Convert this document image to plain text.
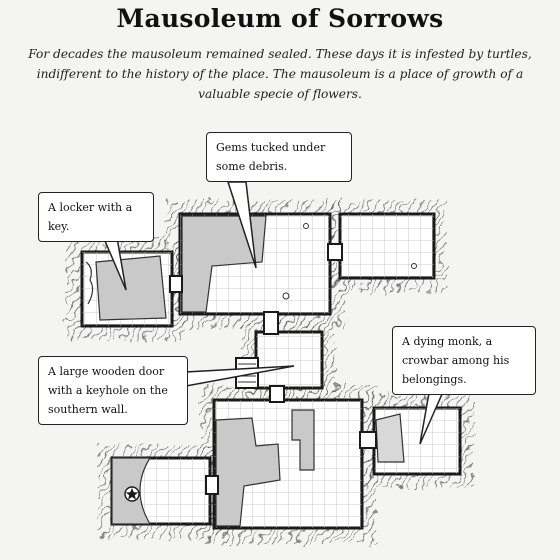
Mausoleum of Sorrows
For decades the mausoleum remained sealed. These days it is infested by turtles, indifferent to the history of the place. The mausoleum is a place of growth of a valuable specie of flowers.
Gems tucked under some debris.
A locker with a key.
A large wooden door with a keyhole on the southern wall.
A dying monk, a crowbar among his belongings.
